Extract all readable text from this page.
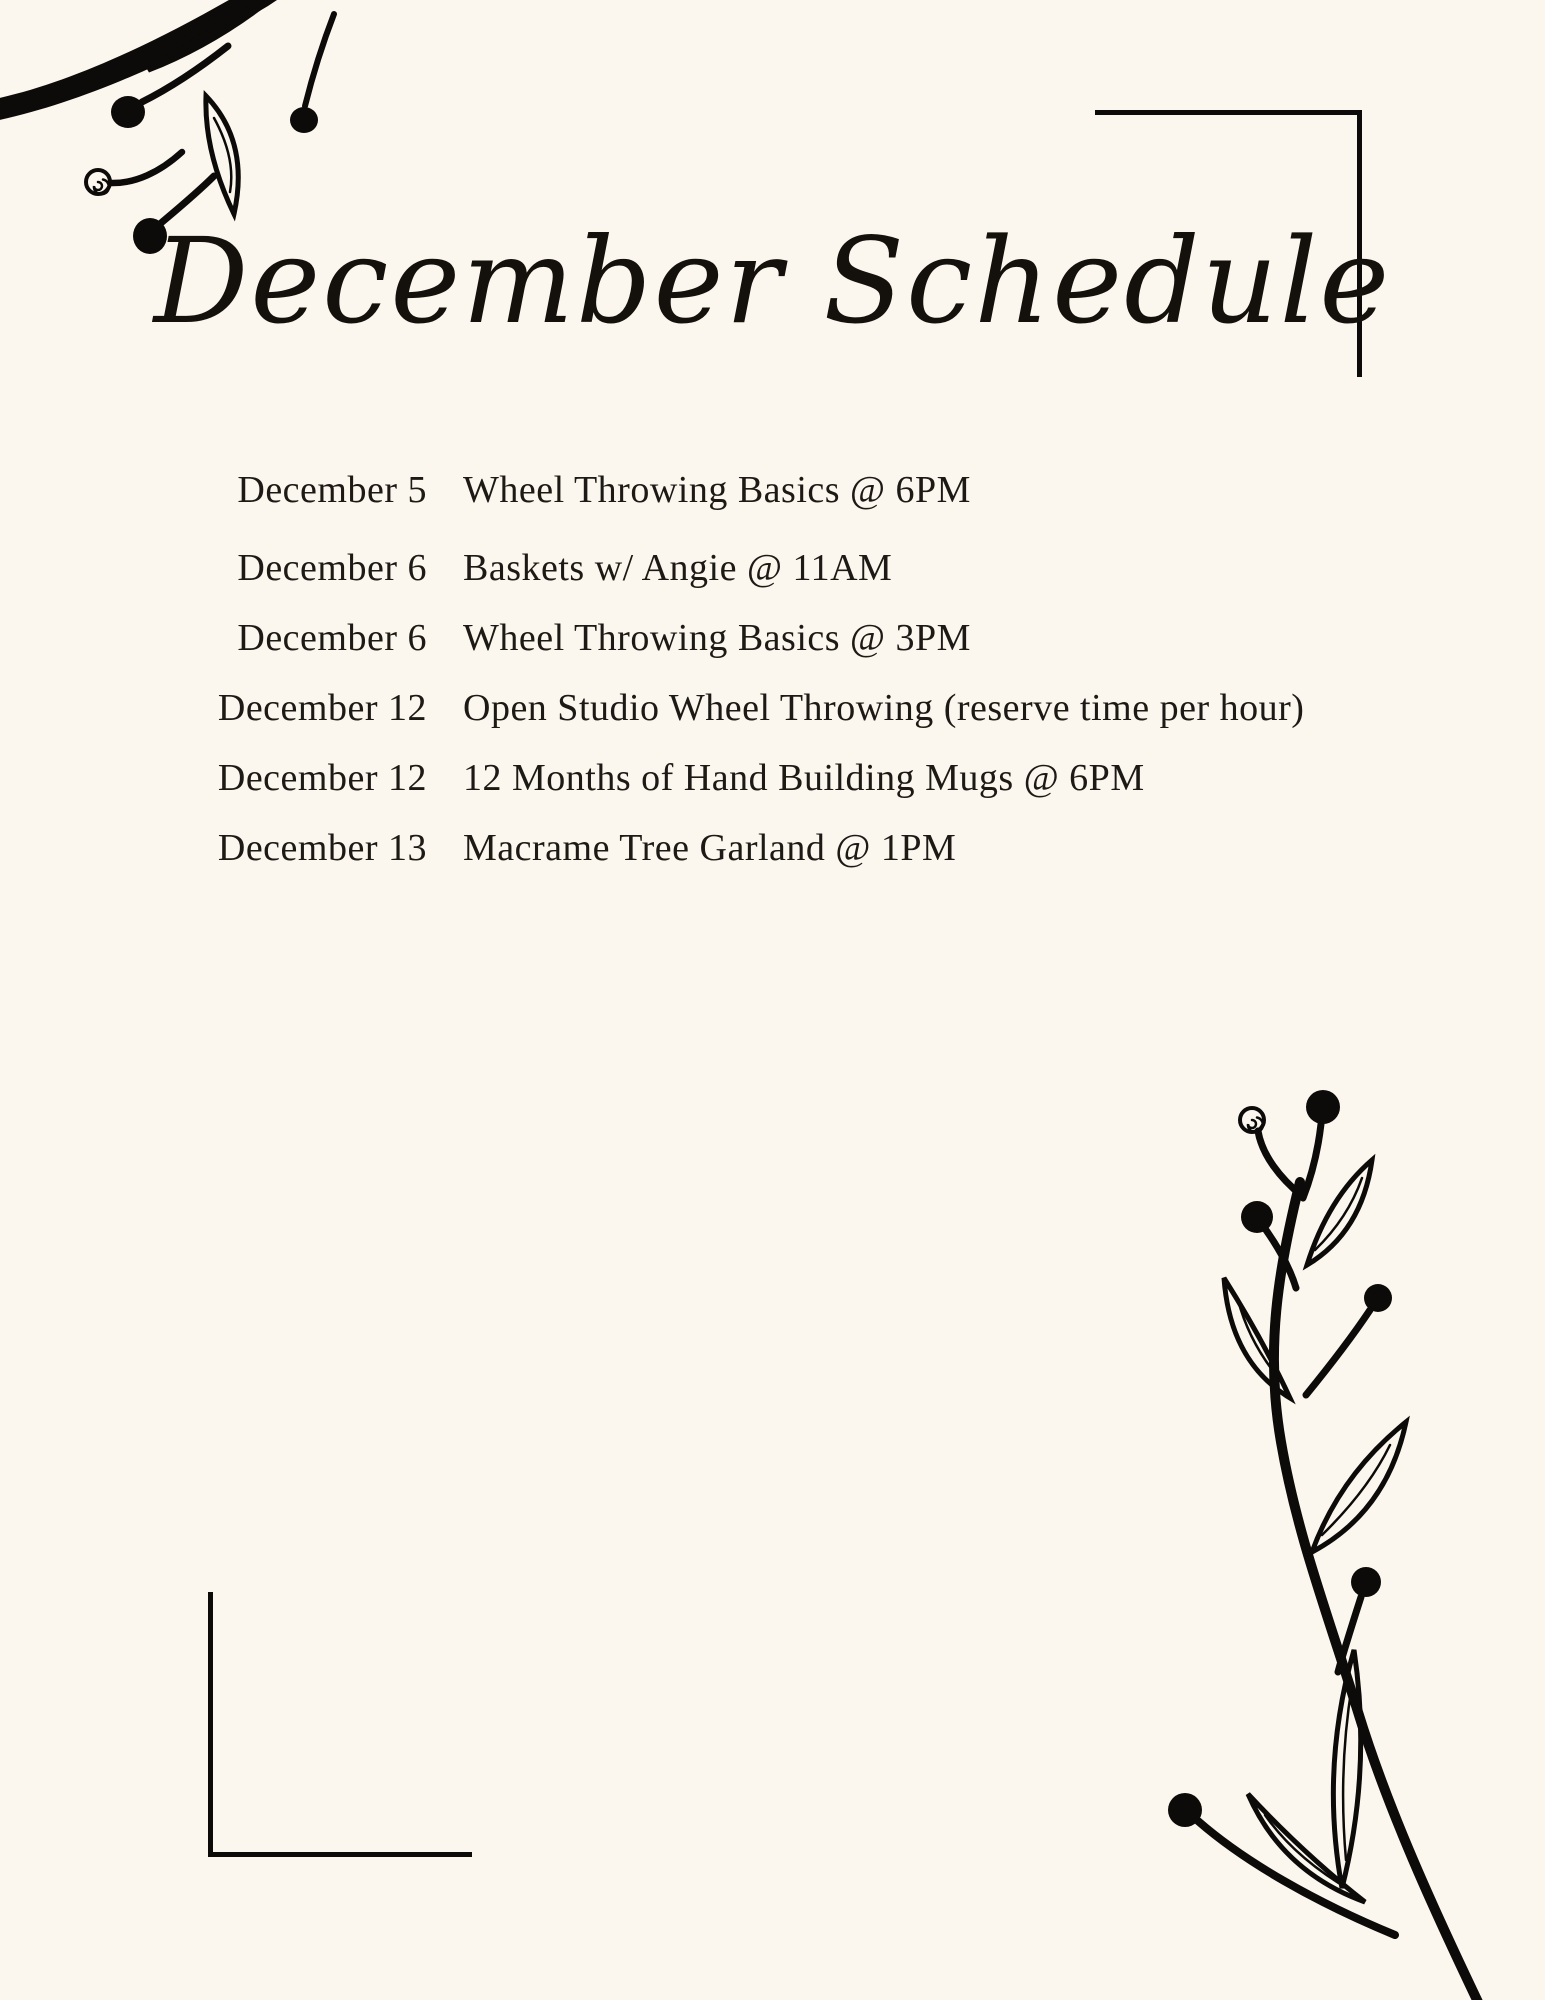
December Schedule
December 5 Wheel Throwing Basics @ 6PM
December 6 Baskets w/ Angie @ 11AM
December 6 Wheel Throwing Basics @ 3PM
December 12 Open Studio Wheel Throwing (reserve time per hour)
December 12 12 Months of Hand Building Mugs @ 6PM
December 13 Macrame Tree Garland @ 1PM
